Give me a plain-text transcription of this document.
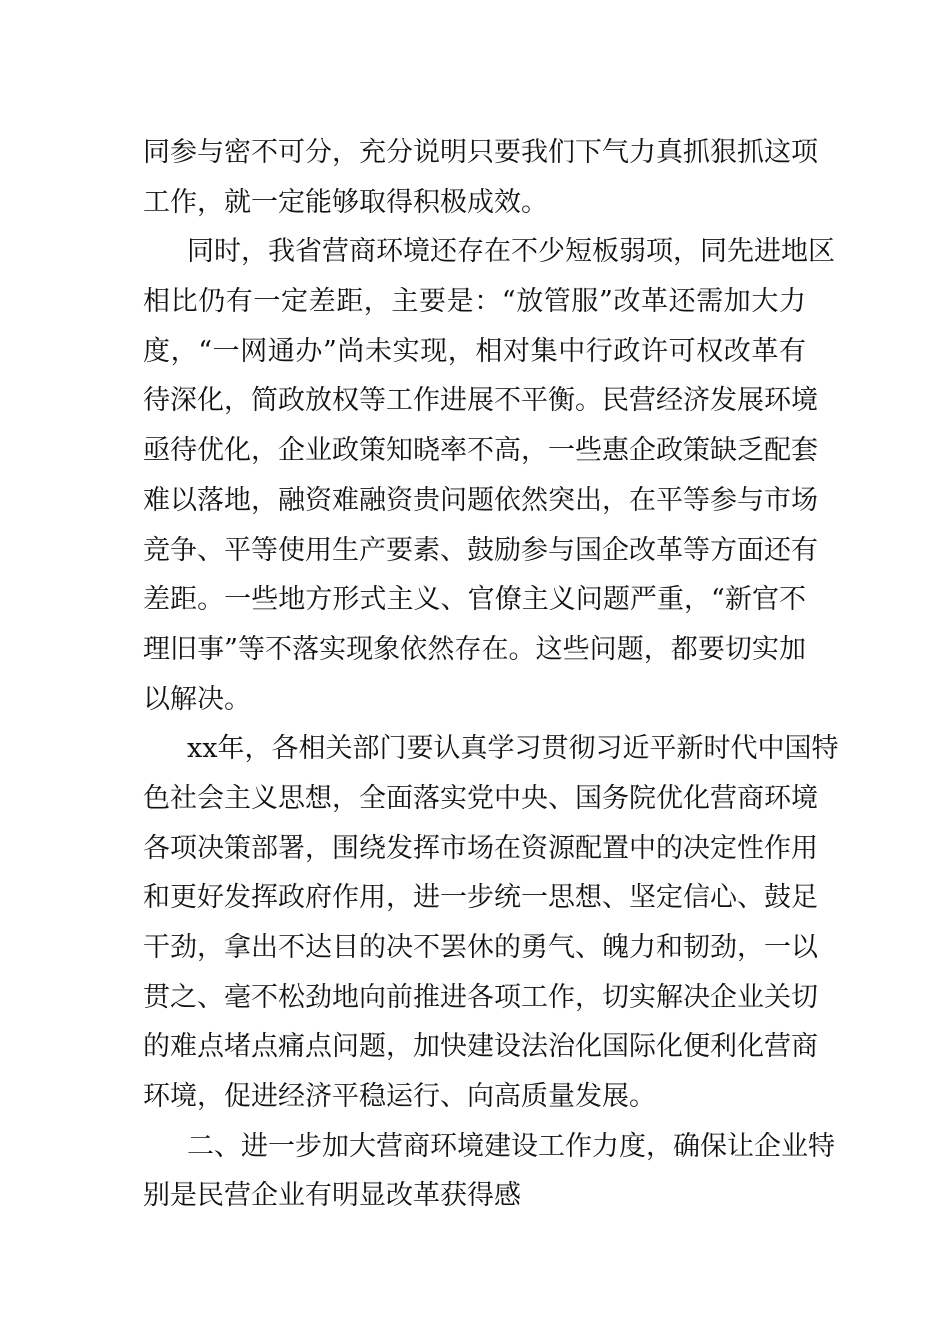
同参与密不可分，充分说明只要我们下气力真抓狠抓这项
工作，就一定能够取得积极成效。
同时，我省营商环境还存在不少短板弱项，同先进地区
相比仍有一定差距，主要是：“放管服”改革还需加大力
度，“一网通办”尚未实现，相对集中行政许可权改革有
待深化，简政放权等工作进展不平衡。民营经济发展环境
亟待优化，企业政策知晓率不高，一些惠企政策缺乏配套
难以落地，融资难融资贵问题依然突出，在平等参与市场
竞争、平等使用生产要素、鼓励参与国企改革等方面还有
差距。一些地方形式主义、官僚主义问题严重，“新官不
理旧事”等不落实现象依然存在。这些问题，都要切实加
以解决。
xx年，各相关部门要认真学习贯彻习近平新时代中国特
色社会主义思想，全面落实党中央、国务院优化营商环境
各项决策部署，围绕发挥市场在资源配置中的决定性作用
和更好发挥政府作用，进一步统一思想、坚定信心、鼓足
干劲，拿出不达目的决不罢休的勇气、魄力和韧劲，一以
贯之、毫不松劲地向前推进各项工作，切实解决企业关切
的难点堵点痛点问题，加快建设法治化国际化便利化营商
环境，促进经济平稳运行、向高质量发展。
二、进一步加大营商环境建设工作力度，确保让企业特
别是民营企业有明显改革获得感
